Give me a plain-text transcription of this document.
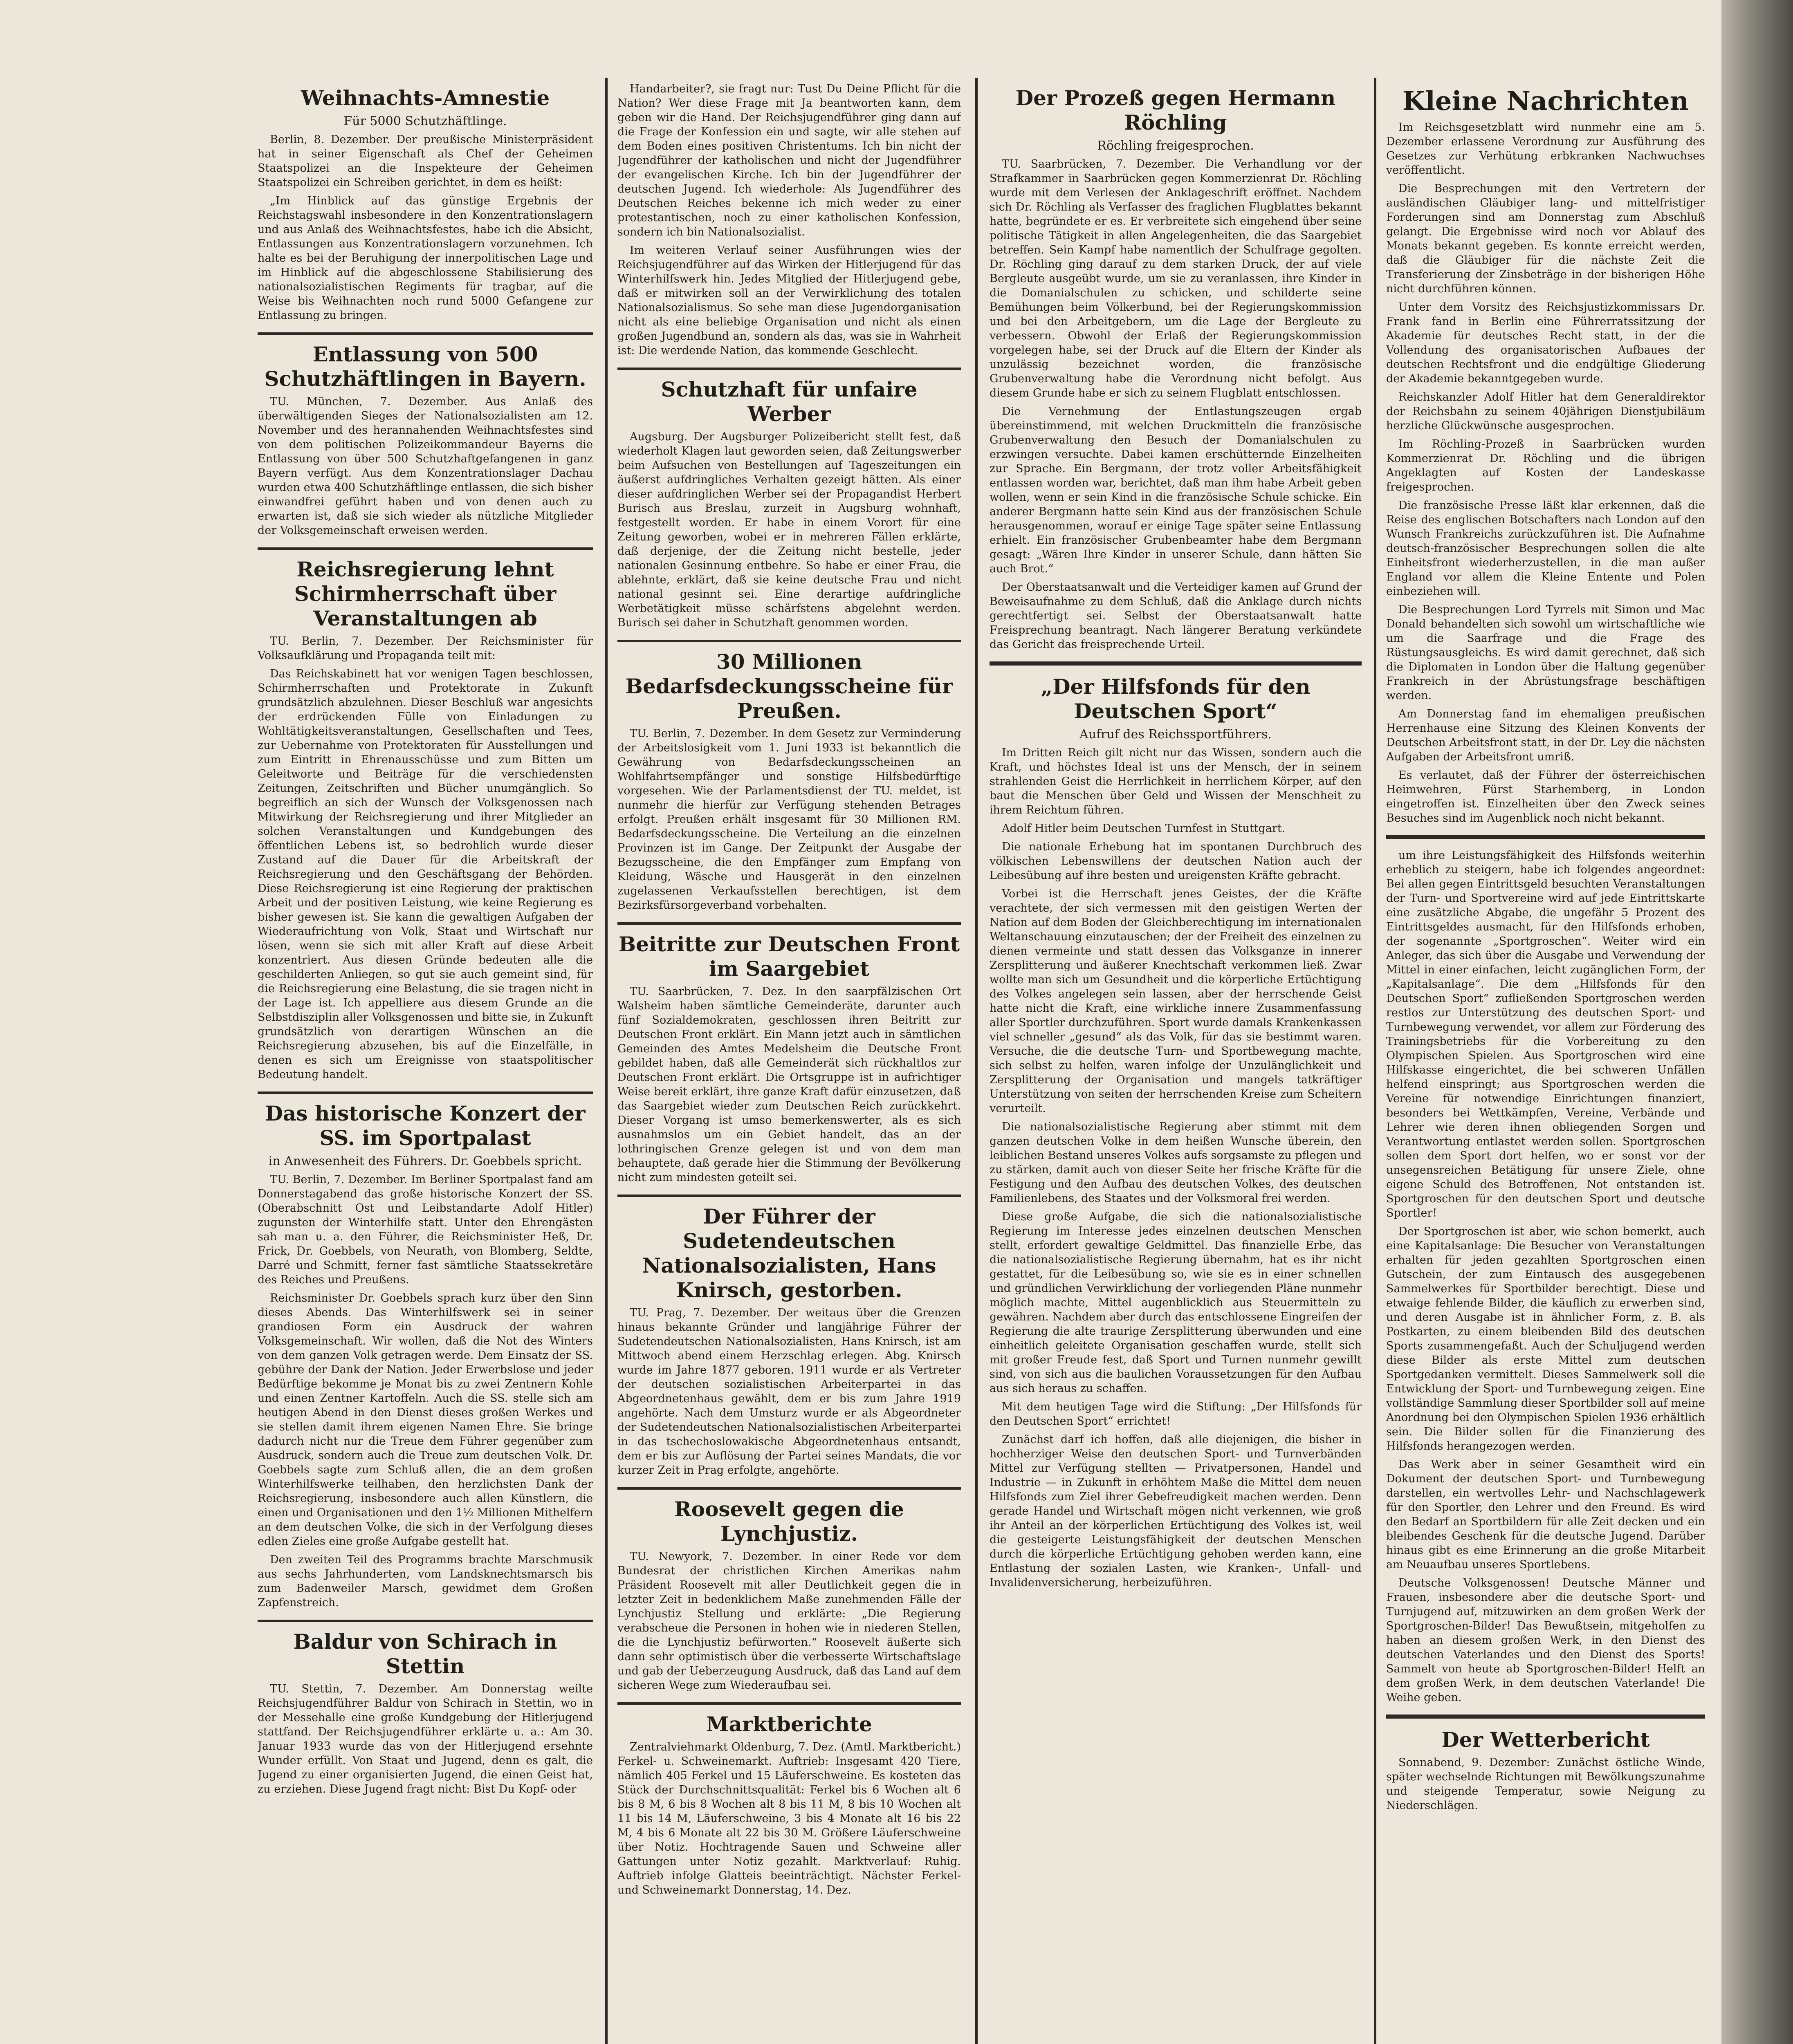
Weihnachts-Amnestie
Für 5000 Schutzhäftlinge.

Berlin, 8. Dezember. Der preußische Ministerpräsident hat in seiner Eigenschaft als Chef der Geheimen Staatspolizei an die Inspekteure der Geheimen Staatspolizei ein Schreiben gerichtet, in dem es heißt:

„Im Hinblick auf das günstige Ergebnis der Reichstagswahl insbesondere in den Konzentrationslagern und aus Anlaß des Weihnachtsfestes, habe ich die Absicht, Entlassungen aus Konzentrationslagern vorzunehmen. Ich halte es bei der Beruhigung der innerpolitischen Lage und im Hinblick auf die abgeschlossene Stabilisierung des nationalsozialistischen Regiments für tragbar, auf die Weise bis Weihnachten noch rund 5000 Gefangene zur Entlassung zu bringen.

Entlassung von 500 Schutzhäftlingen in Bayern.

TU. München, 7. Dezember. Aus Anlaß des überwältigenden Sieges der Nationalsozialisten am 12. November und des herannahenden Weihnachtsfestes sind von dem politischen Polizeikommandeur Bayerns die Entlassung von über 500 Schutzhaftgefangenen in ganz Bayern verfügt. Aus dem Konzentrationslager Dachau wurden etwa 400 Schutzhäftlinge entlassen, die sich bisher einwandfrei geführt haben und von denen auch zu erwarten ist, daß sie sich wieder als nützliche Mitglieder der Volksgemeinschaft erweisen werden.

Reichsregierung lehnt Schirmherrschaft über Veranstaltungen ab

TU. Berlin, 7. Dezember. Der Reichsminister für Volksaufklärung und Propaganda teilt mit:

Das Reichskabinett hat vor wenigen Tagen beschlossen, Schirmherrschaften und Protektorate in Zukunft grundsätzlich abzulehnen. Dieser Beschluß war angesichts der erdrückenden Fülle von Einladungen zu Wohltätigkeitsveranstaltungen, Gesellschaften und Tees, zur Uebernahme von Protektoraten für Ausstellungen und zum Eintritt in Ehrenausschüsse und zum Bitten um Geleitworte und Beiträge für die verschiedensten Zeitungen, Zeitschriften und Bücher unumgänglich. So begreiflich an sich der Wunsch der Volksgenossen nach Mitwirkung der Reichsregierung und ihrer Mitglieder an solchen Veranstaltungen und Kundgebungen des öffentlichen Lebens ist, so bedrohlich wurde dieser Zustand auf die Dauer für die Arbeitskraft der Reichsregierung und den Geschäftsgang der Behörden. Diese Reichsregierung ist eine Regierung der praktischen Arbeit und der positiven Leistung, wie keine Regierung es bisher gewesen ist. Sie kann die gewaltigen Aufgaben der Wiederaufrichtung von Volk, Staat und Wirtschaft nur lösen, wenn sie sich mit aller Kraft auf diese Arbeit konzentriert. Aus diesen Gründe bedeuten alle die geschilderten Anliegen, so gut sie auch gemeint sind, für die Reichsregierung eine Belastung, die sie tragen nicht in der Lage ist. Ich appelliere aus diesem Grunde an die Selbstdisziplin aller Volksgenossen und bitte sie, in Zukunft grundsätzlich von derartigen Wünschen an die Reichsregierung abzusehen, bis auf die Einzelfälle, in denen es sich um Ereignisse von staatspolitischer Bedeutung handelt.

Das historische Konzert der SS. im Sportpalast
in Anwesenheit des Führers. Dr. Goebbels spricht.

TU. Berlin, 7. Dezember. Im Berliner Sportpalast fand am Donnerstagabend das große historische Konzert der SS. (Oberabschnitt Ost und Leibstandarte Adolf Hitler) zugunsten der Winterhilfe statt. Unter den Ehrengästen sah man u. a. den Führer, die Reichsminister Heß, Dr. Frick, Dr. Goebbels, von Neurath, von Blomberg, Seldte, Darré und Schmitt, ferner fast sämtliche Staatssekretäre des Reiches und Preußens.

Reichsminister Dr. Goebbels sprach kurz über den Sinn dieses Abends. Das Winterhilfswerk sei in seiner grandiosen Form ein Ausdruck der wahren Volksgemeinschaft. Wir wollen, daß die Not des Winters von dem ganzen Volk getragen werde. Dem Einsatz der SS. gebühre der Dank der Nation. Jeder Erwerbslose und jeder Bedürftige bekomme je Monat bis zu zwei Zentnern Kohle und einen Zentner Kartoffeln. Auch die SS. stelle sich am heutigen Abend in den Dienst dieses großen Werkes und sie stellen damit ihrem eigenen Namen Ehre. Sie bringe dadurch nicht nur die Treue dem Führer gegenüber zum Ausdruck, sondern auch die Treue zum deutschen Volk. Dr. Goebbels sagte zum Schluß allen, die an dem großen Winterhilfswerke teilhaben, den herzlichsten Dank der Reichsregierung, insbesondere auch allen Künstlern, die einen und Organisationen und den 1½ Millionen Mithelfern an dem deutschen Volke, die sich in der Verfolgung dieses edlen Zieles eine große Aufgabe gestellt hat.

Den zweiten Teil des Programms brachte Marschmusik aus sechs Jahrhunderten, vom Landsknechtsmarsch bis zum Badenweiler Marsch, gewidmet dem Großen Zapfenstreich.

Baldur von Schirach in Stettin

TU. Stettin, 7. Dezember. Am Donnerstag weilte Reichsjugendführer Baldur von Schirach in Stettin, wo in der Messehalle eine große Kundgebung der Hitlerjugend stattfand. Der Reichsjugendführer erklärte u. a.: Am 30. Januar 1933 wurde das von der Hitlerjugend ersehnte Wunder erfüllt. Von Staat und Jugend, denn es galt, die Jugend zu einer organisierten Jugend, die einen Geist hat, zu erziehen. Diese Jugend fragt nicht: Bist Du Kopf- oder

Handarbeiter?, sie fragt nur: Tust Du Deine Pflicht für die Nation? Wer diese Frage mit Ja beantworten kann, dem geben wir die Hand. Der Reichsjugendführer ging dann auf die Frage der Konfession ein und sagte, wir alle stehen auf dem Boden eines positiven Christentums. Ich bin nicht der Jugendführer der katholischen und nicht der Jugendführer der evangelischen Kirche. Ich bin der Jugendführer der deutschen Jugend. Ich wiederhole: Als Jugendführer des Deutschen Reiches bekenne ich mich weder zu einer protestantischen, noch zu einer katholischen Konfession, sondern ich bin Nationalsozialist.

Im weiteren Verlauf seiner Ausführungen wies der Reichsjugendführer auf das Wirken der Hitlerjugend für das Winterhilfswerk hin. Jedes Mitglied der Hitlerjugend gebe, daß er mitwirken soll an der Verwirklichung des totalen Nationalsozialismus. So sehe man diese Jugendorganisation nicht als eine beliebige Organisation und nicht als einen großen Jugendbund an, sondern als das, was sie in Wahrheit ist: Die werdende Nation, das kommende Geschlecht.

Schutzhaft für unfaire Werber

Augsburg. Der Augsburger Polizeibericht stellt fest, daß wiederholt Klagen laut geworden seien, daß Zeitungswerber beim Aufsuchen von Bestellungen auf Tageszeitungen ein äußerst aufdringliches Verhalten gezeigt hätten. Als einer dieser aufdringlichen Werber sei der Propagandist Herbert Burisch aus Breslau, zurzeit in Augsburg wohnhaft, festgestellt worden. Er habe in einem Vorort für eine Zeitung geworben, wobei er in mehreren Fällen erklärte, daß derjenige, der die Zeitung nicht bestelle, jeder nationalen Gesinnung entbehre. So habe er einer Frau, die ablehnte, erklärt, daß sie keine deutsche Frau und nicht national gesinnt sei. Eine derartige aufdringliche Werbetätigkeit müsse schärfstens abgelehnt werden. Burisch sei daher in Schutzhaft genommen worden.

30 Millionen Bedarfsdeckungsscheine für Preußen.

TU. Berlin, 7. Dezember. In dem Gesetz zur Verminderung der Arbeitslosigkeit vom 1. Juni 1933 ist bekanntlich die Gewährung von Bedarfsdeckungsscheinen an Wohlfahrtsempfänger und sonstige Hilfsbedürftige vorgesehen. Wie der Parlamentsdienst der TU. meldet, ist nunmehr die hierfür zur Verfügung stehenden Betrages erfolgt. Preußen erhält insgesamt für 30 Millionen RM. Bedarfsdeckungsscheine. Die Verteilung an die einzelnen Provinzen ist im Gange. Der Zeitpunkt der Ausgabe der Bezugsscheine, die den Empfänger zum Empfang von Kleidung, Wäsche und Hausgerät in den einzelnen zugelassenen Verkaufsstellen berechtigen, ist dem Bezirksfürsorgeverband vorbehalten.

Beitritte zur Deutschen Front im Saargebiet

TU. Saarbrücken, 7. Dez. In den saarpfälzischen Ort Walsheim haben sämtliche Gemeinderäte, darunter auch fünf Sozialdemokraten, geschlossen ihren Beitritt zur Deutschen Front erklärt. Ein Mann jetzt auch in sämtlichen Gemeinden des Amtes Medelsheim die Deutsche Front gebildet haben, daß alle Gemeinderät sich rückhaltlos zur Deutschen Front erklärt. Die Ortsgruppe ist in aufrichtiger Weise bereit erklärt, ihre ganze Kraft dafür einzusetzen, daß das Saargebiet wieder zum Deutschen Reich zurückkehrt. Dieser Vorgang ist umso bemerkenswerter, als es sich ausnahmslos um ein Gebiet handelt, das an der lothringischen Grenze gelegen ist und von dem man behauptete, daß gerade hier die Stimmung der Bevölkerung nicht zum mindesten geteilt sei.

Der Führer der Sudetendeutschen Nationalsozialisten, Hans Knirsch, gestorben.

TU. Prag, 7. Dezember. Der weitaus über die Grenzen hinaus bekannte Gründer und langjährige Führer der Sudetendeutschen Nationalsozialisten, Hans Knirsch, ist am Mittwoch abend einem Herzschlag erlegen. Abg. Knirsch wurde im Jahre 1877 geboren. 1911 wurde er als Vertreter der deutschen sozialistischen Arbeiterpartei in das Abgeordnetenhaus gewählt, dem er bis zum Jahre 1919 angehörte. Nach dem Umsturz wurde er als Abgeordneter der Sudetendeutschen Nationalsozialistischen Arbeiterpartei in das tschechoslowakische Abgeordnetenhaus entsandt, dem er bis zur Auflösung der Partei seines Mandats, die vor kurzer Zeit in Prag erfolgte, angehörte.

Roosevelt gegen die Lynchjustiz.

TU. Newyork, 7. Dezember. In einer Rede vor dem Bundesrat der christlichen Kirchen Amerikas nahm Präsident Roosevelt mit aller Deutlichkeit gegen die in letzter Zeit in bedenklichem Maße zunehmenden Fälle der Lynchjustiz Stellung und erklärte: „Die Regierung verabscheue die Personen in hohen wie in niederen Stellen, die die Lynchjustiz befürworten.“ Roosevelt äußerte sich dann sehr optimistisch über die verbesserte Wirtschaftslage und gab der Ueberzeugung Ausdruck, daß das Land auf dem sicheren Wege zum Wiederaufbau sei.

Marktberichte

Zentralviehmarkt Oldenburg, 7. Dez. (Amtl. Marktbericht.) Ferkel- u. Schweinemarkt. Auftrieb: Insgesamt 420 Tiere, nämlich 405 Ferkel und 15 Läuferschweine. Es kosteten das Stück der Durchschnittsqualität: Ferkel bis 6 Wochen alt 6 bis 8 M, 6 bis 8 Wochen alt 8 bis 11 M, 8 bis 10 Wochen alt 11 bis 14 M, Läuferschweine, 3 bis 4 Monate alt 16 bis 22 M, 4 bis 6 Monate alt 22 bis 30 M. Größere Läuferschweine über Notiz. Hochtragende Sauen und Schweine aller Gattungen unter Notiz gezahlt. Marktverlauf: Ruhig. Auftrieb infolge Glatteis beeinträchtigt. Nächster Ferkel- und Schweinemarkt Donnerstag, 14. Dez.

Der Prozeß gegen Hermann Röchling
Röchling freigesprochen.

TU. Saarbrücken, 7. Dezember. Die Verhandlung vor der Strafkammer in Saarbrücken gegen Kommerzienrat Dr. Röchling wurde mit dem Verlesen der Anklageschrift eröffnet. Nachdem sich Dr. Röchling als Verfasser des fraglichen Flugblattes bekannt hatte, begründete er es. Er verbreitete sich eingehend über seine politische Tätigkeit in allen Angelegenheiten, die das Saargebiet betreffen. Sein Kampf habe namentlich der Schulfrage gegolten. Dr. Röchling ging darauf zu dem starken Druck, der auf viele Bergleute ausgeübt wurde, um sie zu veranlassen, ihre Kinder in die Domanialschulen zu schicken, und schilderte seine Bemühungen beim Völkerbund, bei der Regierungskommission und bei den Arbeitgebern, um die Lage der Bergleute zu verbessern. Obwohl der Erlaß der Regierungskommission vorgelegen habe, sei der Druck auf die Eltern der Kinder als unzulässig bezeichnet worden, die französische Grubenverwaltung habe die Verordnung nicht befolgt. Aus diesem Grunde habe er sich zu seinem Flugblatt entschlossen.

Die Vernehmung der Entlastungszeugen ergab übereinstimmend, mit welchen Druckmitteln die französische Grubenverwaltung den Besuch der Domanialschulen zu erzwingen versuchte. Dabei kamen erschütternde Einzelheiten zur Sprache. Ein Bergmann, der trotz voller Arbeitsfähigkeit entlassen worden war, berichtet, daß man ihm habe Arbeit geben wollen, wenn er sein Kind in die französische Schule schicke. Ein anderer Bergmann hatte sein Kind aus der französischen Schule herausgenommen, worauf er einige Tage später seine Entlassung erhielt. Ein französischer Grubenbeamter habe dem Bergmann gesagt: „Wären Ihre Kinder in unserer Schule, dann hätten Sie auch Brot.“

Der Oberstaatsanwalt und die Verteidiger kamen auf Grund der Beweisaufnahme zu dem Schluß, daß die Anklage durch nichts gerechtfertigt sei. Selbst der Oberstaatsanwalt hatte Freisprechung beantragt. Nach längerer Beratung verkündete das Gericht das freisprechende Urteil.

„Der Hilfsfonds für den Deutschen Sport“
Aufruf des Reichssportführers.

Im Dritten Reich gilt nicht nur das Wissen, sondern auch die Kraft, und höchstes Ideal ist uns der Mensch, der in seinem strahlenden Geist die Herrlichkeit in herrlichem Körper, auf den baut die Menschen über Geld und Wissen der Menschheit zu ihrem Reichtum führen.

Adolf Hitler beim Deutschen Turnfest in Stuttgart.

Die nationale Erhebung hat im spontanen Durchbruch des völkischen Lebenswillens der deutschen Nation auch der Leibesübung auf ihre besten und ureigensten Kräfte gebracht.

Vorbei ist die Herrschaft jenes Geistes, der die Kräfte verachtete, der sich vermessen mit den geistigen Werten der Nation auf dem Boden der Gleichberechtigung im internationalen Weltanschauung einzutauschen; der der Freiheit des einzelnen zu dienen vermeinte und statt dessen das Volksganze in innerer Zersplitterung und äußerer Knechtschaft verkommen ließ. Zwar wollte man sich um Gesundheit und die körperliche Ertüchtigung des Volkes angelegen sein lassen, aber der herrschende Geist hatte nicht die Kraft, eine wirkliche innere Zusammenfassung aller Sportler durchzuführen. Sport wurde damals Krankenkassen viel schneller „gesund“ als das Volk, für das sie bestimmt waren. Versuche, die die deutsche Turn- und Sportbewegung machte, sich selbst zu helfen, waren infolge der Unzulänglichkeit und Zersplitterung der Organisation und mangels tatkräftiger Unterstützung von seiten der herrschenden Kreise zum Scheitern verurteilt.

Die nationalsozialistische Regierung aber stimmt mit dem ganzen deutschen Volke in dem heißen Wunsche überein, den leiblichen Bestand unseres Volkes aufs sorgsamste zu pflegen und zu stärken, damit auch von dieser Seite her frische Kräfte für die Festigung und den Aufbau des deutschen Volkes, des deutschen Familienlebens, des Staates und der Volksmoral frei werden.

Diese große Aufgabe, die sich die nationalsozialistische Regierung im Interesse jedes einzelnen deutschen Menschen stellt, erfordert gewaltige Geldmittel. Das finanzielle Erbe, das die nationalsozialistische Regierung übernahm, hat es ihr nicht gestattet, für die Leibesübung so, wie sie es in einer schnellen und gründlichen Verwirklichung der vorliegenden Pläne nunmehr möglich machte, Mittel augenblicklich aus Steuermitteln zu gewähren. Nachdem aber durch das entschlossene Eingreifen der Regierung die alte traurige Zersplitterung überwunden und eine einheitlich geleitete Organisation geschaffen wurde, stellt sich mit großer Freude fest, daß Sport und Turnen nunmehr gewillt sind, von sich aus die baulichen Voraussetzungen für den Aufbau aus sich heraus zu schaffen.

Mit dem heutigen Tage wird die Stiftung: „Der Hilfsfonds für den Deutschen Sport“ errichtet!

Zunächst darf ich hoffen, daß alle diejenigen, die bisher in hochherziger Weise den deutschen Sport- und Turnverbänden Mittel zur Verfügung stellten — Privatpersonen, Handel und Industrie — in Zukunft in erhöhtem Maße die Mittel dem neuen Hilfsfonds zum Ziel ihrer Gebefreudigkeit machen werden. Denn gerade Handel und Wirtschaft mögen nicht verkennen, wie groß ihr Anteil an der körperlichen Ertüchtigung des Volkes ist, weil die gesteigerte Leistungsfähigkeit der deutschen Menschen durch die körperliche Ertüchtigung gehoben werden kann, eine Entlastung der sozialen Lasten, wie Kranken-, Unfall- und Invalidenversicherung, herbeizuführen.

Kleine Nachrichten

Im Reichsgesetzblatt wird nunmehr eine am 5. Dezember erlassene Verordnung zur Ausführung des Gesetzes zur Verhütung erbkranken Nachwuchses veröffentlicht.

Die Besprechungen mit den Vertretern der ausländischen Gläubiger lang- und mittelfristiger Forderungen sind am Donnerstag zum Abschluß gelangt. Die Ergebnisse wird noch vor Ablauf des Monats bekannt gegeben. Es konnte erreicht werden, daß die Gläubiger für die nächste Zeit die Transferierung der Zinsbeträge in der bisherigen Höhe nicht durchführen können.

Unter dem Vorsitz des Reichsjustizkommissars Dr. Frank fand in Berlin eine Führerratssitzung der Akademie für deutsches Recht statt, in der die Vollendung des organisatorischen Aufbaues der deutschen Rechtsfront und die endgültige Gliederung der Akademie bekanntgegeben wurde.

Reichskanzler Adolf Hitler hat dem Generaldirektor der Reichsbahn zu seinem 40jährigen Dienstjubiläum herzliche Glückwünsche ausgesprochen.

Im Röchling-Prozeß in Saarbrücken wurden Kommerzienrat Dr. Röchling und die übrigen Angeklagten auf Kosten der Landeskasse freigesprochen.

Die französische Presse läßt klar erkennen, daß die Reise des englischen Botschafters nach London auf den Wunsch Frankreichs zurückzuführen ist. Die Aufnahme deutsch-französischer Besprechungen sollen die alte Einheitsfront wiederherzustellen, in die man außer England vor allem die Kleine Entente und Polen einbeziehen will.

Die Besprechungen Lord Tyrrels mit Simon und Mac Donald behandelten sich sowohl um wirtschaftliche wie um die Saarfrage und die Frage des Rüstungsausgleichs. Es wird damit gerechnet, daß sich die Diplomaten in London über die Haltung gegenüber Frankreich in der Abrüstungsfrage beschäftigen werden.

Am Donnerstag fand im ehemaligen preußischen Herrenhause eine Sitzung des Kleinen Konvents der Deutschen Arbeitsfront statt, in der Dr. Ley die nächsten Aufgaben der Arbeitsfront umriß.

Es verlautet, daß der Führer der österreichischen Heimwehren, Fürst Starhemberg, in London eingetroffen ist. Einzelheiten über den Zweck seines Besuches sind im Augenblick noch nicht bekannt.

um ihre Leistungsfähigkeit des Hilfsfonds weiterhin erheblich zu steigern, habe ich folgendes angeordnet: Bei allen gegen Eintrittsgeld besuchten Veranstaltungen der Turn- und Sportvereine wird auf jede Eintrittskarte eine zusätzliche Abgabe, die ungefähr 5 Prozent des Eintrittsgeldes ausmacht, für den Hilfsfonds erhoben, der sogenannte „Sportgroschen“. Weiter wird ein Anleger, das sich über die Ausgabe und Verwendung der Mittel in einer einfachen, leicht zugänglichen Form, der „Kapitalsanlage“. Die dem „Hilfsfonds für den Deutschen Sport“ zufließenden Sportgroschen werden restlos zur Unterstützung des deutschen Sport- und Turnbewegung verwendet, vor allem zur Förderung des Trainingsbetriebs für die Vorbereitung zu den Olympischen Spielen. Aus Sportgroschen wird eine Hilfskasse eingerichtet, die bei schweren Unfällen helfend einspringt; aus Sportgroschen werden die Vereine für notwendige Einrichtungen finanziert, besonders bei Wettkämpfen, Vereine, Verbände und Lehrer wie deren ihnen obliegenden Sorgen und Verantwortung entlastet werden sollen. Sportgroschen sollen dem Sport dort helfen, wo er sonst vor der unsegensreichen Betätigung für unsere Ziele, ohne eigene Schuld des Betroffenen, Not entstanden ist. Sportgroschen für den deutschen Sport und deutsche Sportler!

Der Sportgroschen ist aber, wie schon bemerkt, auch eine Kapitalsanlage: Die Besucher von Veranstaltungen erhalten für jeden gezahlten Sportgroschen einen Gutschein, der zum Eintausch des ausgegebenen Sammelwerkes für Sportbilder berechtigt. Diese und etwaige fehlende Bilder, die käuflich zu erwerben sind, und deren Ausgabe ist in ähnlicher Form, z. B. als Postkarten, zu einem bleibenden Bild des deutschen Sports zusammengefaßt. Auch der Schuljugend werden diese Bilder als erste Mittel zum deutschen Sportgedanken vermittelt. Dieses Sammelwerk soll die Entwicklung der Sport- und Turnbewegung zeigen. Eine vollständige Sammlung dieser Sportbilder soll auf meine Anordnung bei den Olympischen Spielen 1936 erhältlich sein. Die Bilder sollen für die Finanzierung des Hilfsfonds herangezogen werden.

Das Werk aber in seiner Gesamtheit wird ein Dokument der deutschen Sport- und Turnbewegung darstellen, ein wertvolles Lehr- und Nachschlagewerk für den Sportler, den Lehrer und den Freund. Es wird den Bedarf an Sportbildern für alle Zeit decken und ein bleibendes Geschenk für die deutsche Jugend. Darüber hinaus gibt es eine Erinnerung an die große Mitarbeit am Neuaufbau unseres Sportlebens.

Deutsche Volksgenossen! Deutsche Männer und Frauen, insbesondere aber die deutsche Sport- und Turnjugend auf, mitzuwirken an dem großen Werk der Sportgroschen-Bilder! Das Bewußtsein, mitgeholfen zu haben an diesem großen Werk, in den Dienst des deutschen Vaterlandes und den Dienst des Sports! Sammelt von heute ab Sportgroschen-Bilder! Helft an dem großen Werk, in dem deutschen Vaterlande! Die Weihe geben.

Der Wetterbericht

Sonnabend, 9. Dezember: Zunächst östliche Winde, später wechselnde Richtungen mit Bewölkungszunahme und steigende Temperatur, sowie Neigung zu Niederschlägen.
